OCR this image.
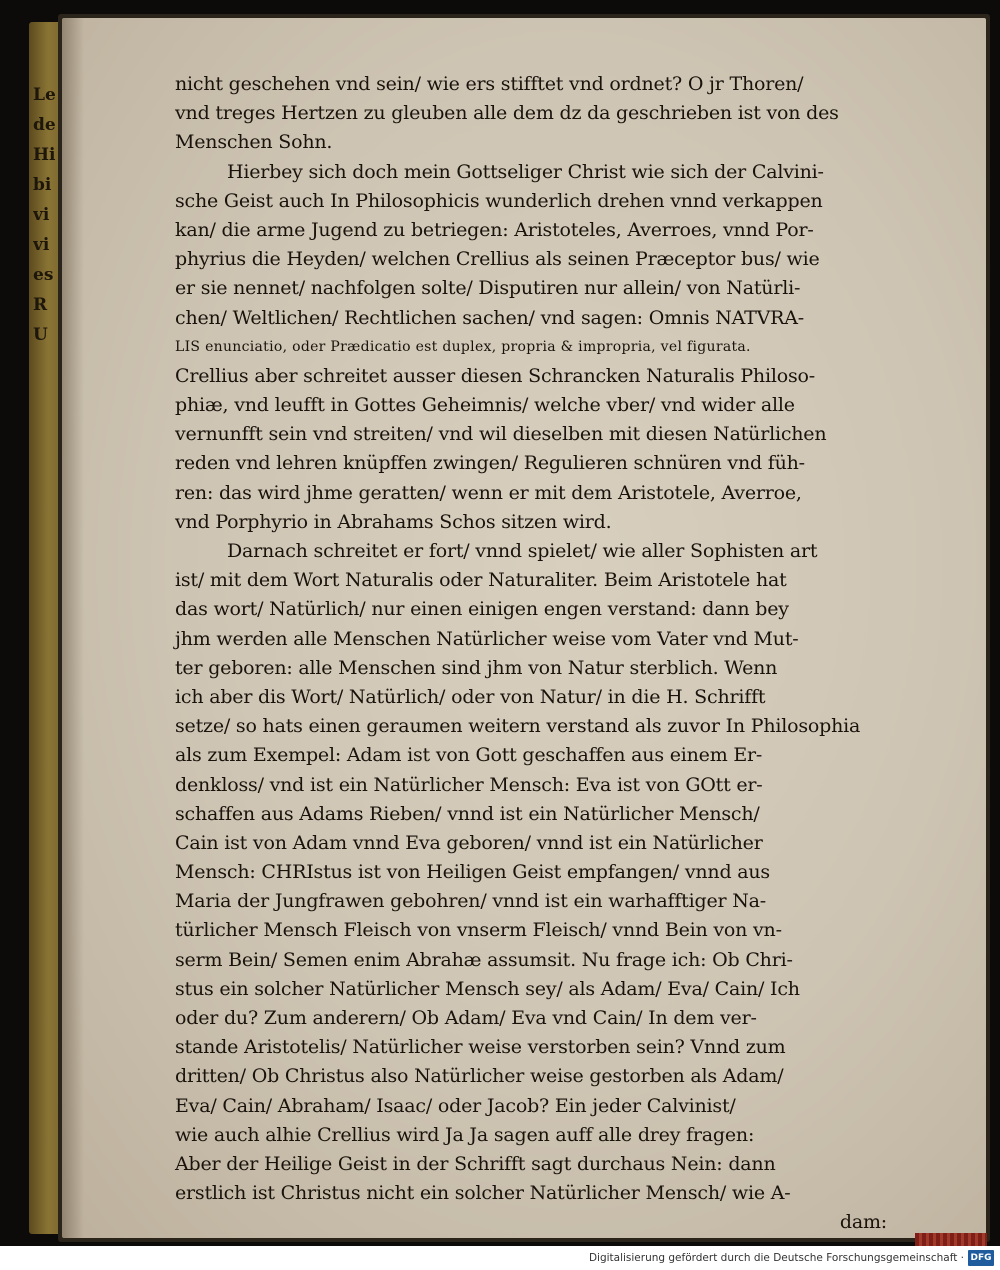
Le
de
Hi
bi
vi
vi
es
R
U
nicht geschehen vnd sein/ wie ers stifftet vnd ordnet? O jr Thoren/
vnd treges Hertzen zu gleuben alle dem dz da geschrieben ist von des
Menschen Sohn.
Hierbey sich doch mein Gottseliger Christ wie sich der Calvini-
sche Geist auch In Philosophicis wunderlich drehen vnnd verkappen
kan/ die arme Jugend zu betriegen: Aristoteles, Averroes, vnnd Por-
phyrius die Heyden/ welchen Crellius als seinen Præceptor bus/ wie
er sie nennet/ nachfolgen solte/ Disputiren nur allein/ von Natürli-
chen/ Weltlichen/ Rechtlichen sachen/ vnd sagen: Omnis NATVRA-
LIS enunciatio, oder Prædicatio est duplex, propria & impropria, vel figurata.
Crellius aber schreitet ausser diesen Schrancken Naturalis Philoso-
phiæ, vnd leufft in Gottes Geheimnis/ welche vber/ vnd wider alle
vernunfft sein vnd streiten/ vnd wil dieselben mit diesen Natürlichen
reden vnd lehren knüpffen zwingen/ Regulieren schnüren vnd füh-
ren: das wird jhme geratten/ wenn er mit dem Aristotele, Averroe,
vnd Porphyrio in Abrahams Schos sitzen wird.
Darnach schreitet er fort/ vnnd spielet/ wie aller Sophisten art
ist/ mit dem Wort Naturalis oder Naturaliter. Beim Aristotele hat
das wort/ Natürlich/ nur einen einigen engen verstand: dann bey
jhm werden alle Menschen Natürlicher weise vom Vater vnd Mut-
ter geboren: alle Menschen sind jhm von Natur sterblich. Wenn
ich aber dis Wort/ Natürlich/ oder von Natur/ in die H. Schrifft
setze/ so hats einen geraumen weitern verstand als zuvor In Philosophia
als zum Exempel: Adam ist von Gott geschaffen aus einem Er-
denkloss/ vnd ist ein Natürlicher Mensch: Eva ist von GOtt er-
schaffen aus Adams Rieben/ vnnd ist ein Natürlicher Mensch/
Cain ist von Adam vnnd Eva geboren/ vnnd ist ein Natürlicher
Mensch: CHRIstus ist von Heiligen Geist empfangen/ vnnd aus
Maria der Jungfrawen gebohren/ vnnd ist ein warhafftiger Na-
türlicher Mensch Fleisch von vnserm Fleisch/ vnnd Bein von vn-
serm Bein/ Semen enim Abrahæ assumsit. Nu frage ich: Ob Chri-
stus ein solcher Natürlicher Mensch sey/ als Adam/ Eva/ Cain/ Ich
oder du? Zum anderern/ Ob Adam/ Eva vnd Cain/ In dem ver-
stande Aristotelis/ Natürlicher weise verstorben sein? Vnnd zum
dritten/ Ob Christus also Natürlicher weise gestorben als Adam/
Eva/ Cain/ Abraham/ Isaac/ oder Jacob? Ein jeder Calvinist/
wie auch alhie Crellius wird Ja Ja sagen auff alle drey fragen:
Aber der Heilige Geist in der Schrifft sagt durchaus Nein: dann
erstlich ist Christus nicht ein solcher Natürlicher Mensch/ wie A-
dam:
Digitalisierung gefördert durch die Deutsche Forschungsgemeinschaft · DFG
